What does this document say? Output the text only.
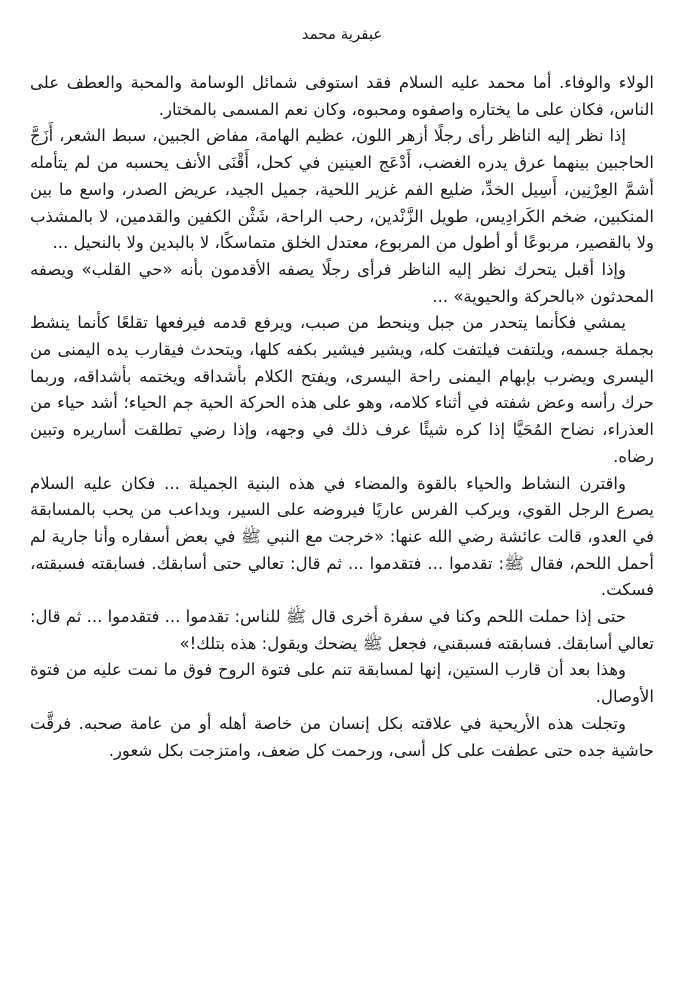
عبقرية محمد

الولاء والوفاء. أما محمد عليه السلام فقد استوفى شمائل الوسامة والمحبة والعطف على الناس، فكان على ما يختاره واصفوه ومحبوه، وكان نعم المسمى بالمختار.

إذا نظر إليه الناظر رأى رجلًا أزهر اللون، عظيم الهامة، مفاض الجبين، سبط الشعر، أَزَجَّ الحاجبين بينهما عرق يدره الغضب، أَدْعَج العينين في كحل، أَقْنَى الأنف يحسبه من لم يتأمله أشمَّ العِرْنِين، أَسِيل الخدِّ، ضليع الفم غزير اللحية، جميل الجيد، عريض الصدر، واسع ما بين المنكبين، ضخم الكَرادِيس، طويل الزَّنْدين، رحب الراحة، شَثْن الكفين والقدمين، لا بالمشذب ولا بالقصير، مربوعًا أو أطول من المربوع، معتدل الخلق متماسكًا، لا بالبدين ولا بالنحيل ...

وإذا أقبل يتحرك نظر إليه الناظر فرأى رجلًا يصفه الأقدمون بأنه «حي القلب» ويصفه المحدثون «بالحركة والحيوية» ...

يمشي فكأنما يتحدر من جبل وينحط من صبب، ويرفع قدمه فيرفعها تقلعًا كأنما ينشط بجملة جسمه، ويلتفت فيلتفت كله، ويشير فيشير بكفه كلها، ويتحدث فيقارب يده اليمنى من اليسرى ويضرب بإبهام اليمنى راحة اليسرى، ويفتح الكلام بأشداقه ويختمه بأشداقه، وربما حرك رأسه وعض شفته في أثناء كلامه، وهو على هذه الحركة الحية جم الحياء؛ أشد حياء من العذراء، نضاح المُحَيَّا إذا كره شيئًا عرف ذلك في وجهه، وإذا رضي تطلقت أساريره وتبين رضاه.

واقترن النشاط والحياء بالقوة والمضاء في هذه البنية الجميلة ... فكان عليه السلام يصرع الرجل القوي، ويركب الفرس عاريًا فيروضه على السير، ويداعب من يحب بالمسابقة في العدو، قالت عائشة رضي الله عنها: «خرجت مع النبي ﷺ في بعض أسفاره وأنا جارية لم أحمل اللحم، فقال ﷺ: تقدموا ... فتقدموا ... ثم قال: تعالي حتى أسابقك. فسابقته فسبقته، فسكت.

حتى إذا حملت اللحم وكنا في سفرة أخرى قال ﷺ للناس: تقدموا ... فتقدموا ... ثم قال: تعالي أسابقك. فسابقته فسبقني، فجعل ﷺ يضحك ويقول: هذه بتلك!»

وهذا بعد أن قارب الستين، إنها لمسابقة تنم على فتوة الروح فوق ما نمت عليه من فتوة الأوصال.

وتجلت هذه الأريحية في علاقته بكل إنسان من خاصة أهله أو من عامة صحبه. فرقَّت حاشية جده حتى عطفت على كل أسى، ورحمت كل ضعف، وامتزجت بكل شعور.
